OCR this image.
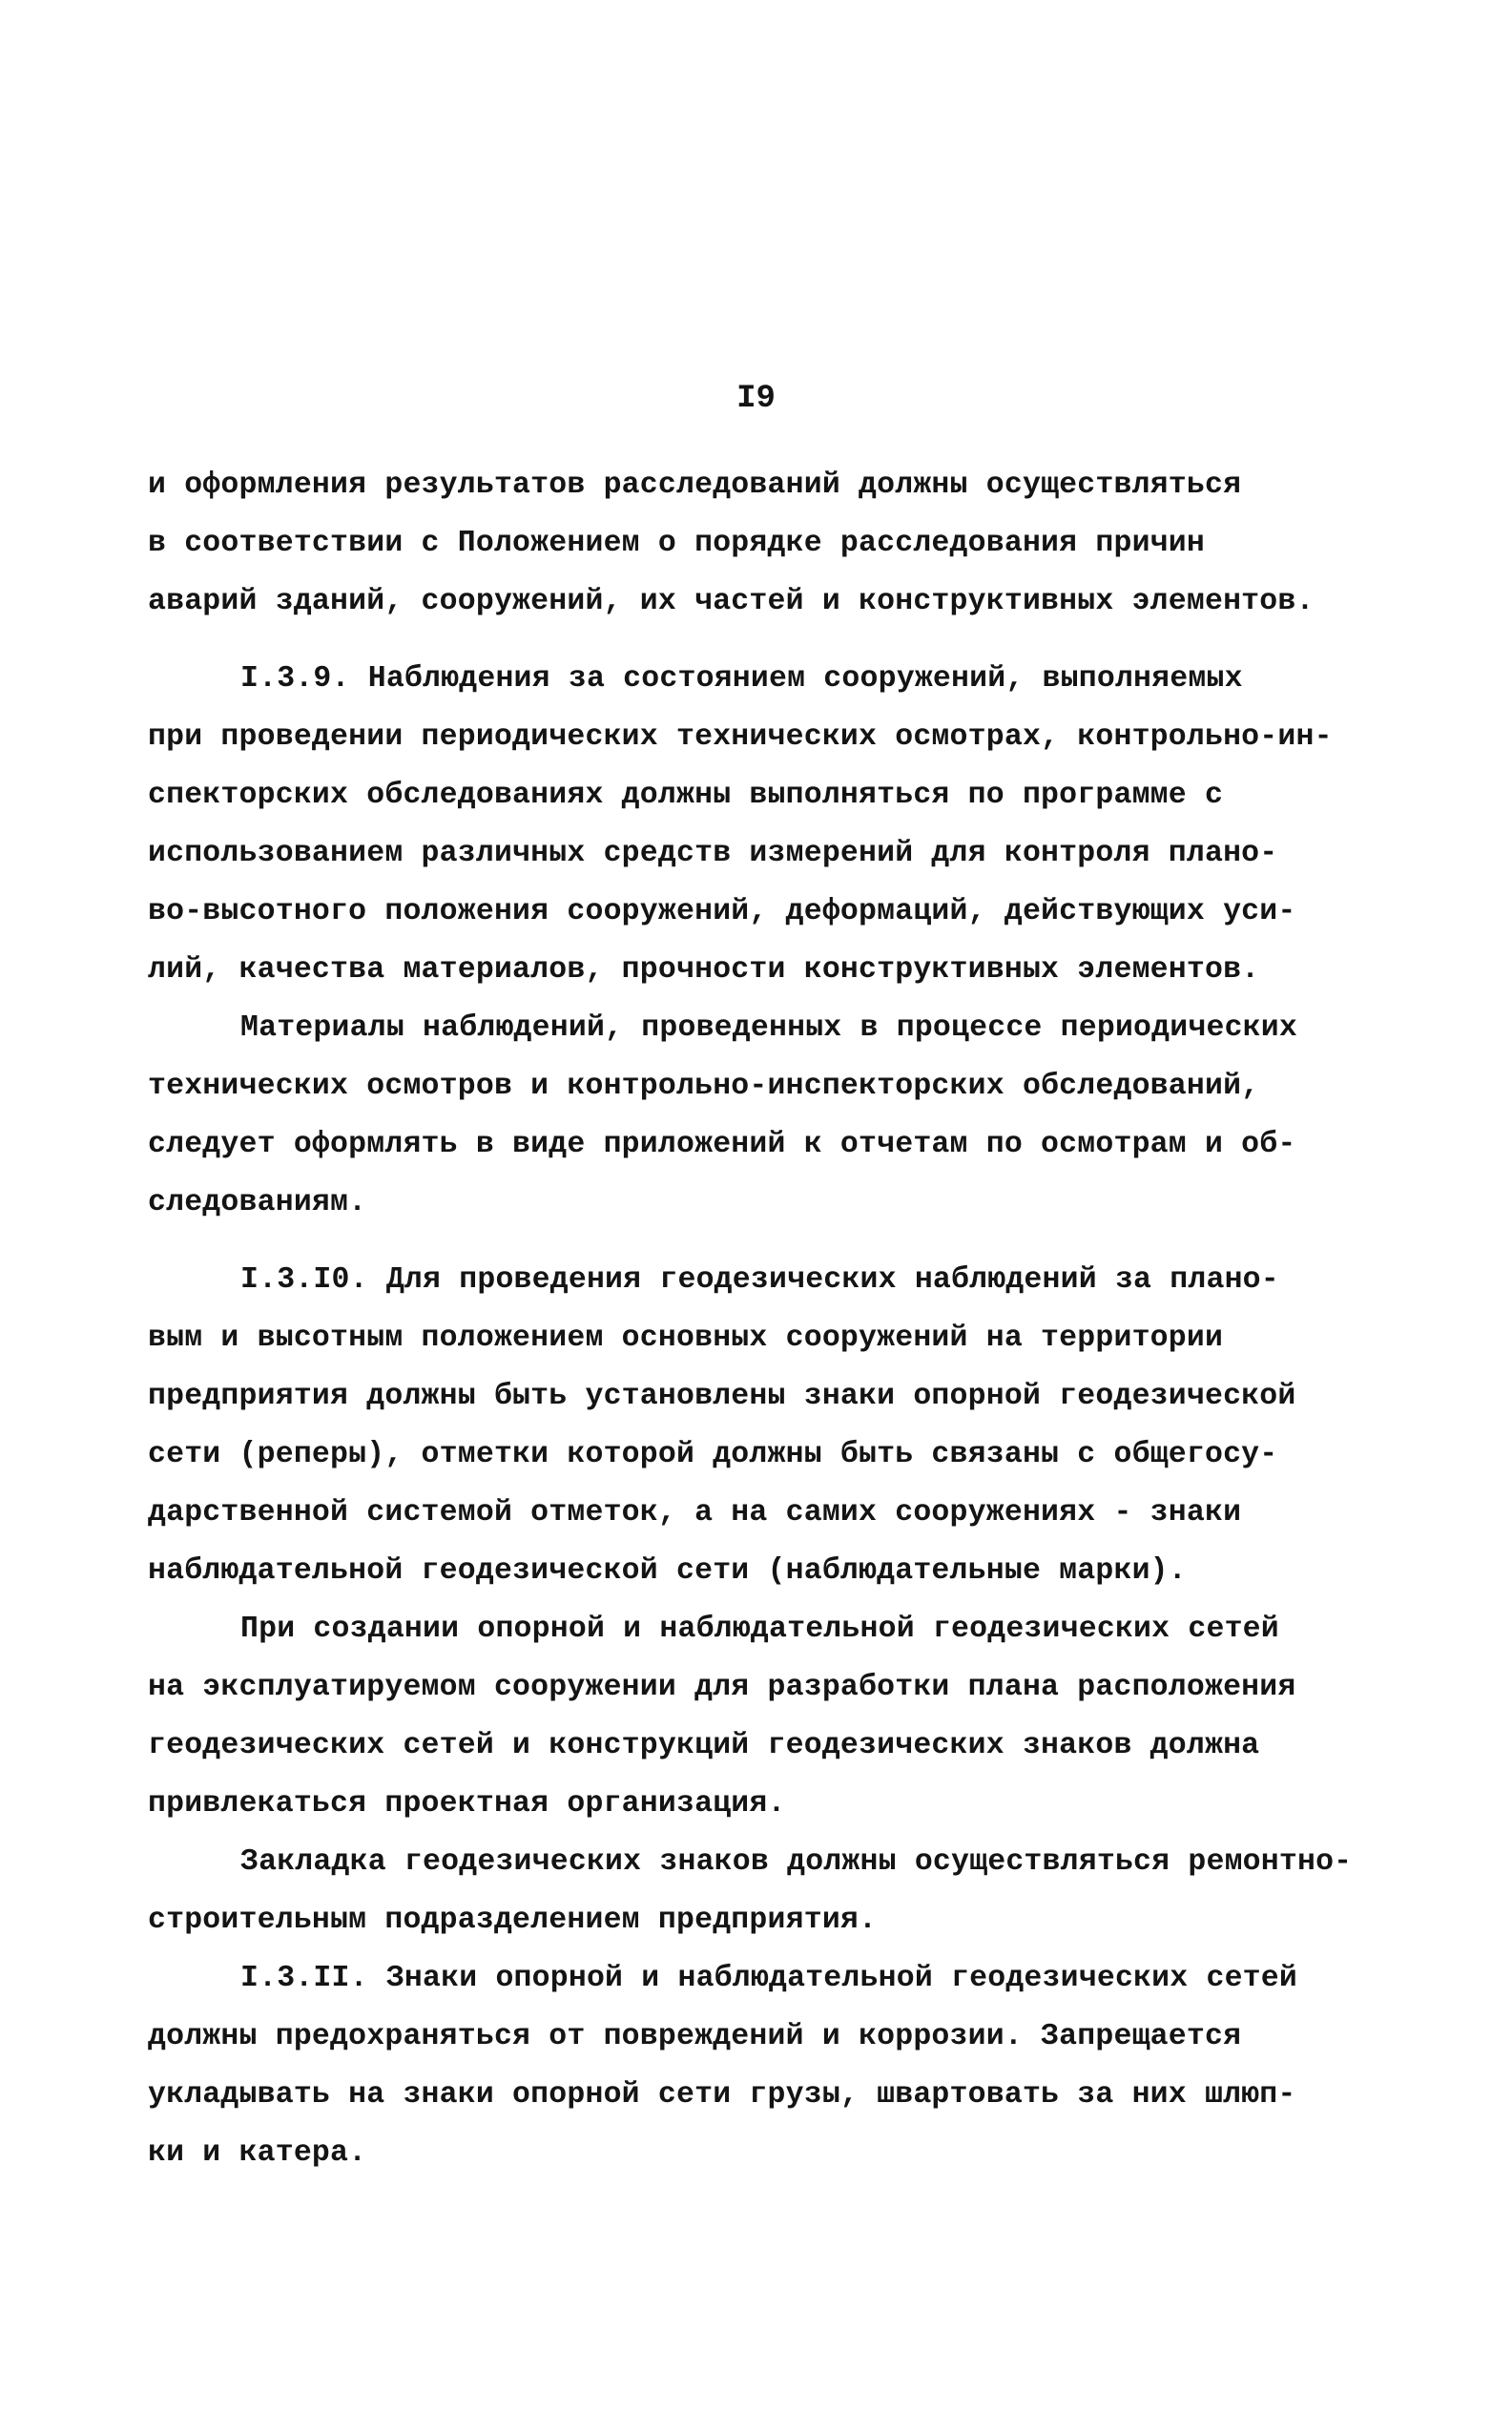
I9
и оформления результатов расследований должны осуществляться
в соответствии с Положением о порядке расследования причин
аварий зданий, сооружений, их частей и конструктивных элементов.
I.3.9. Наблюдения за состоянием сооружений, выполняемых
при проведении периодических технических осмотрах, контрольно-ин-
спекторских обследованиях должны выполняться по программе с
использованием различных средств измерений для контроля плано-
во-высотного положения сооружений, деформаций, действующих уси-
лий, качества материалов, прочности конструктивных элементов.
Материалы наблюдений, проведенных в процессе периодических
технических осмотров и контрольно-инспекторских обследований,
следует оформлять в виде приложений к отчетам по осмотрам и об-
следованиям.
I.3.I0. Для проведения геодезических наблюдений за плано-
вым и высотным положением основных сооружений на территории
предприятия должны быть установлены знаки опорной геодезической
сети (реперы), отметки которой должны быть связаны с общегосу-
дарственной системой отметок, а на самих сооружениях - знаки
наблюдательной геодезической сети (наблюдательные марки).
При создании опорной и наблюдательной геодезических сетей
на эксплуатируемом сооружении для разработки плана расположения
геодезических сетей и конструкций геодезических знаков должна
привлекаться проектная организация.
Закладка геодезических знаков должны осуществляться ремонтно-
строительным подразделением предприятия.
I.3.II. Знаки опорной и наблюдательной геодезических сетей
должны предохраняться от повреждений и коррозии. Запрещается
укладывать на знаки опорной сети грузы, швартовать за них шлюп-
ки и катера.
